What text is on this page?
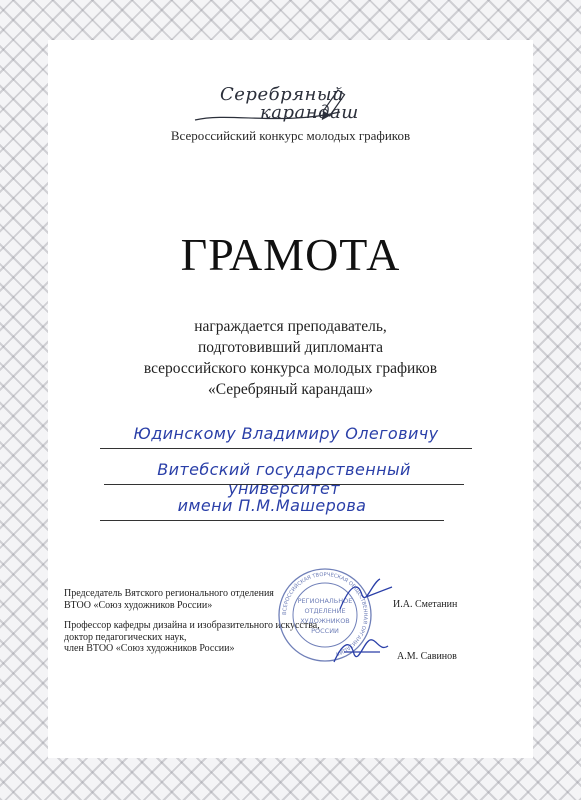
Серебряный
карандаш
Всероссийский конкурс молодых графиков
ГРАМОТА
награждается преподаватель,
подготовивший дипломанта
всероссийского конкурса молодых графиков
«Серебряный карандаш»
Юдинскому Владимиру Олеговичу
Витебский государственный университет
имени П.М.Машерова
Председатель Вятского регионального отделения
ВТОО «Союз художников России»	И.А. Сметанин
Профессор кафедры дизайна и изобразительного искусства,
доктор педагогических наук,
член ВТОО «Союз художников России»
А.М. Савинов
ВСЕРОССИЙСКАЯ ТВОРЧЕСКАЯ ОБЩЕСТВЕННАЯ ОРГАНИЗАЦИЯ
РЕГИОНАЛЬНОЕ
ОТДЕЛЕНИЕ
ХУДОЖНИКОВ
РОССИИ
